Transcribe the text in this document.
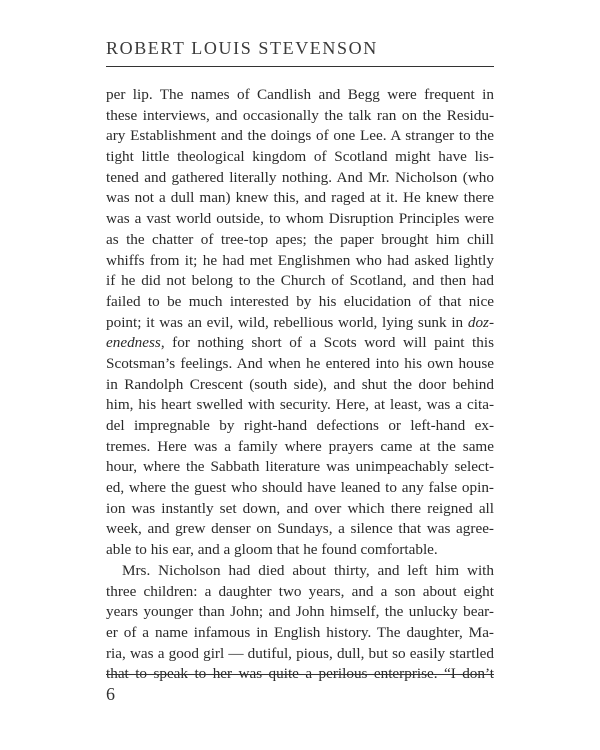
ROBERT LOUIS STEVENSON
per lip. The names of Candlish and Begg were frequent in
these interviews, and occasionally the talk ran on the Residu-
ary Establishment and the doings of one Lee. A stranger to the
tight little theological kingdom of Scotland might have lis-
tened and gathered literally nothing. And Mr. Nicholson (who
was not a dull man) knew this, and raged at it. He knew there
was a vast world outside, to whom Disruption Principles were
as the chatter of tree-top apes; the paper brought him chill
whiffs from it; he had met Englishmen who had asked lightly
if he did not belong to the Church of Scotland, and then had
failed to be much interested by his elucidation of that nice
point; it was an evil, wild, rebellious world, lying sunk in doz-
enedness, for nothing short of a Scots word will paint this
Scotsman’s feelings. And when he entered into his own house
in Randolph Crescent (south side), and shut the door behind
him, his heart swelled with security. Here, at least, was a cita-
del impregnable by right-hand defections or left-hand ex-
tremes. Here was a family where prayers came at the same
hour, where the Sabbath literature was unimpeachably select-
ed, where the guest who should have leaned to any false opin-
ion was instantly set down, and over which there reigned all
week, and grew denser on Sundays, a silence that was agree-
able to his ear, and a gloom that he found comfortable.
Mrs. Nicholson had died about thirty, and left him with
three children: a daughter two years, and a son about eight
years younger than John; and John himself, the unlucky bear-
er of a name infamous in English history. The daughter, Ma-
ria, was a good girl — dutiful, pious, dull, but so easily startled
that to speak to her was quite a perilous enterprise. “I don’t
6
